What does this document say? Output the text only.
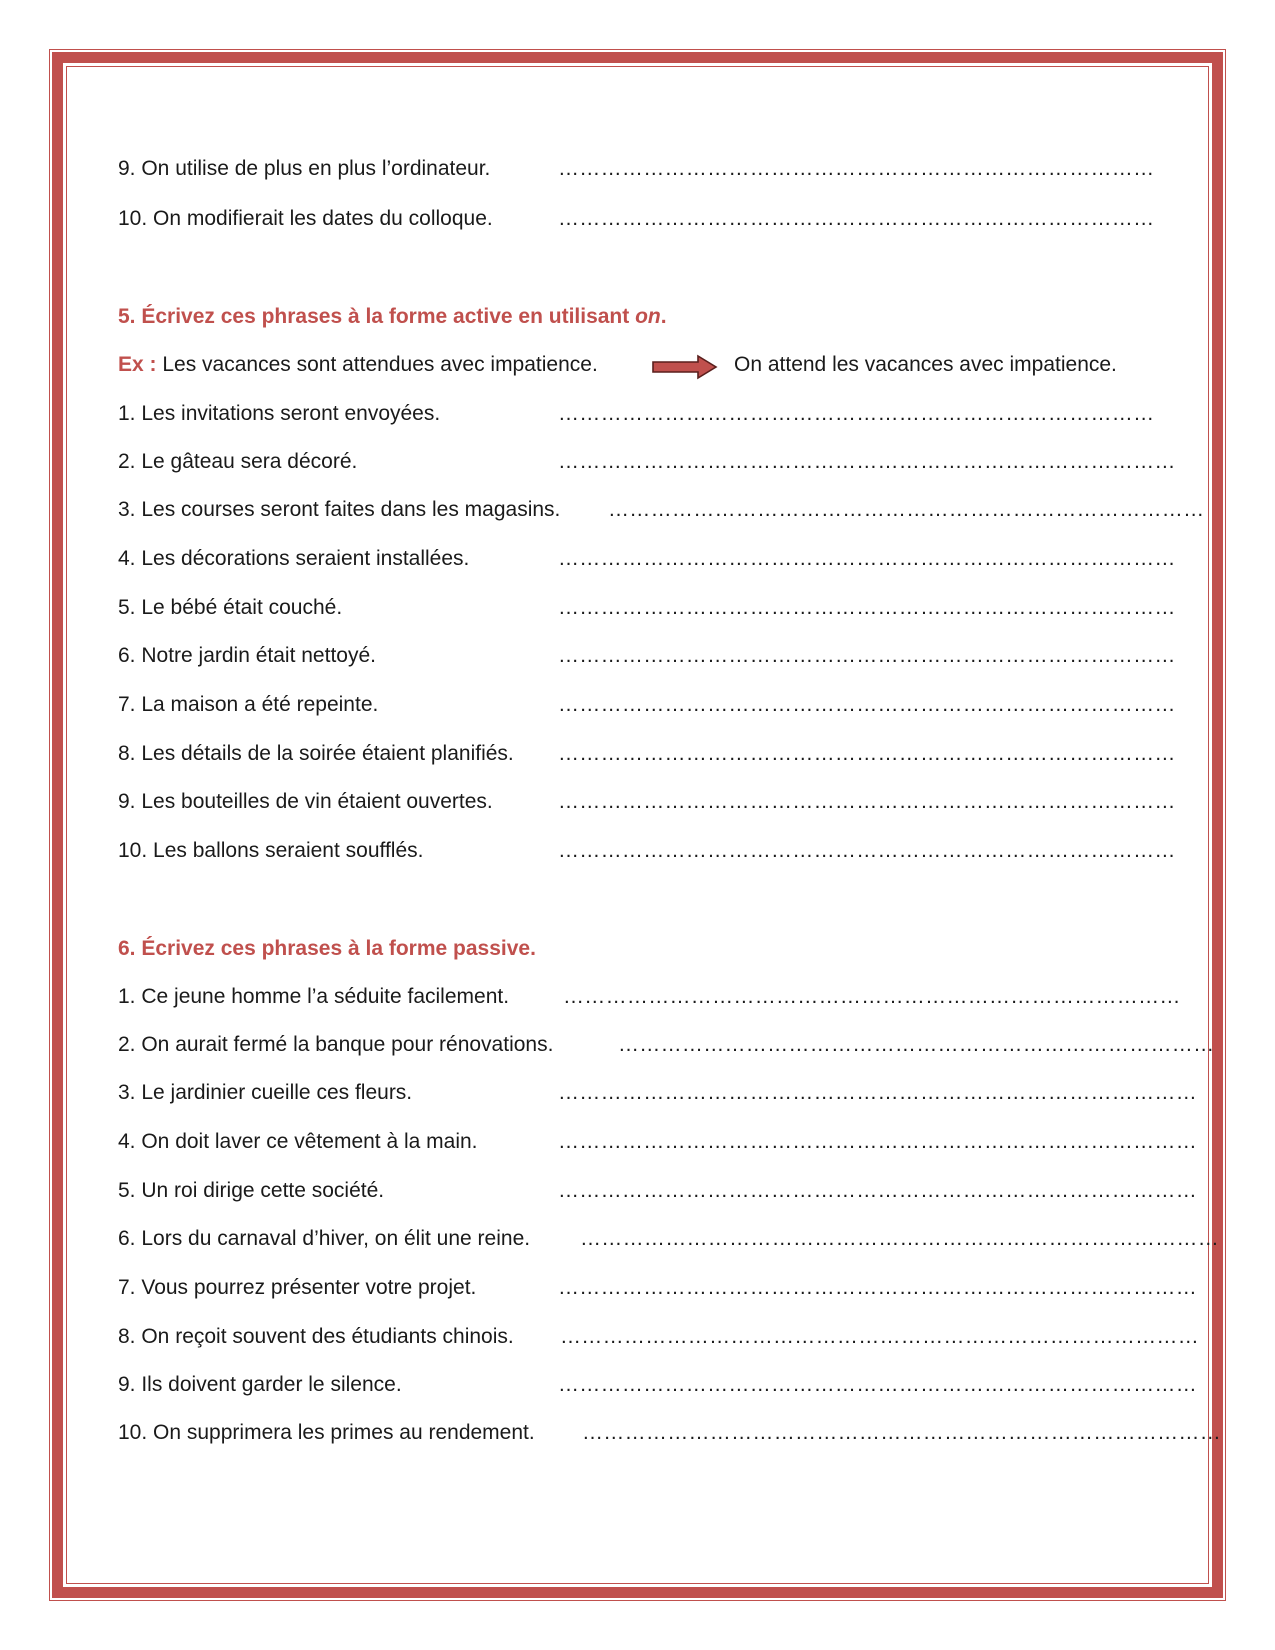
9. On utilise de plus en plus l’ordinateur.	…………………………………………………………………………
10. On modifierait les dates du colloque.	…………………………………………………………………………
5. Écrivez ces phrases à la forme active en utilisant on.
Ex : Les vacances sont attendues avec impatience.	On attend les vacances avec impatience.
1. Les invitations seront envoyées.	…………………………………………………………………………
2. Le gâteau sera décoré.	……………………………………………………………………………
3. Les courses seront faites dans les magasins. …………………………………………………………………………
4. Les décorations seraient installées.	……………………………………………………………………………
5. Le bébé était couché.	……………………………………………………………………………
6. Notre jardin était nettoyé.	……………………………………………………………………………
7. La maison a été repeinte.	……………………………………………………………………………
8. Les détails de la soirée étaient planifiés. ……………………………………………………………………………
9. Les bouteilles de vin étaient ouvertes.	……………………………………………………………………………
10. Les ballons seraient soufflés.	……………………………………………………………………………
6. Écrivez ces phrases à la forme passive.
1. Ce jeune homme l’a séduite facilement.	……………………………………………………………………………
2. On aurait fermé la banque pour rénovations.	…………………………………………………………………………
3. Le jardinier cueille ces fleurs.	………………………………………………………………………………
4. On doit laver ce vêtement à la main.	………………………………………………………………………………
5. Un roi dirige cette société.	………………………………………………………………………………
6. Lors du carnaval d’hiver, on élit une reine. ………………………………………………………………………………
7. Vous pourrez présenter votre projet.	………………………………………………………………………………
8. On reçoit souvent des étudiants chinois. ………………………………………………………………………………
9. Ils doivent garder le silence.	………………………………………………………………………………
10. On supprimera les primes au rendement. ………………………………………………………………………………
